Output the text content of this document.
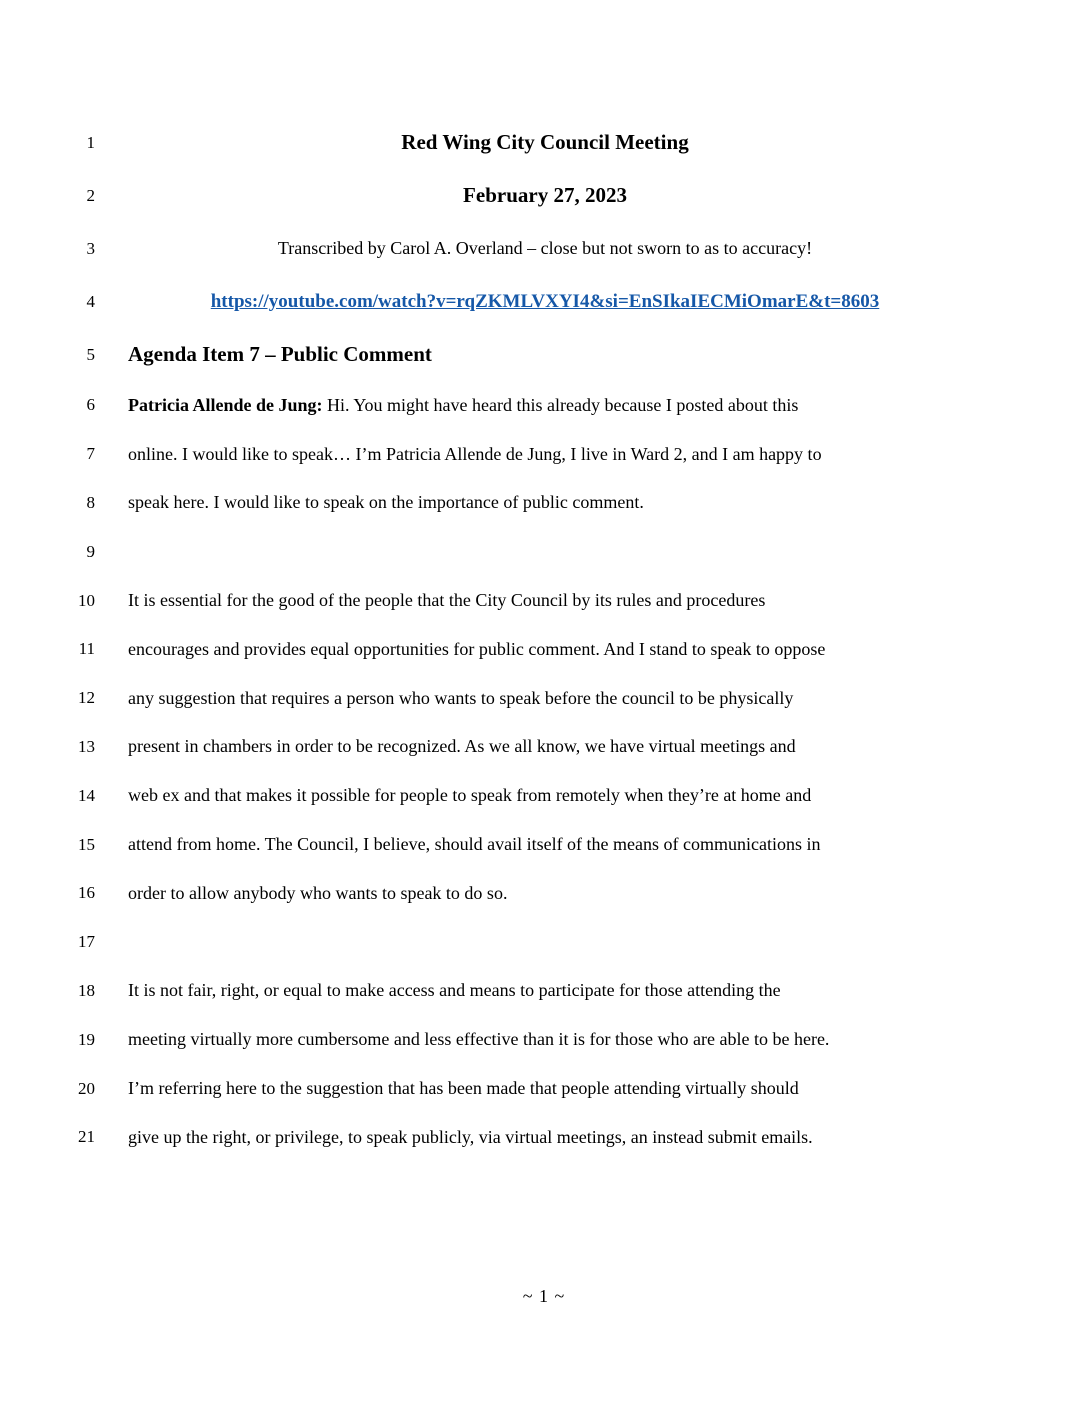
1	Red Wing City Council Meeting
2	February 27, 2023
3	Transcribed by Carol A. Overland – close but not sworn to as to accuracy!
4	https://youtube.com/watch?v=rqZKMLVXYI4&si=EnSIkaIECMiOmarE&t=8603
5 Agenda Item 7 – Public Comment
6 Patricia Allende de Jung: Hi. You might have heard this already because I posted about this
7 online. I would like to speak… I’m Patricia Allende de Jung, I live in Ward 2, and I am happy to
8 speak here. I would like to speak on the importance of public comment.
9
10 It is essential for the good of the people that the City Council by its rules and procedures
11 encourages and provides equal opportunities for public comment. And I stand to speak to oppose
12 any suggestion that requires a person who wants to speak before the council to be physically
13 present in chambers in order to be recognized. As we all know, we have virtual meetings and
14 web ex and that makes it possible for people to speak from remotely when they’re at home and
15 attend from home. The Council, I believe, should avail itself of the means of communications in
16 order to allow anybody who wants to speak to do so.
17
18 It is not fair, right, or equal to make access and means to participate for those attending the
19 meeting virtually more cumbersome and less effective than it is for those who are able to be here.
20 I’m referring here to the suggestion that has been made that people attending virtually should
21 give up the right, or privilege, to speak publicly, via virtual meetings, an instead submit emails.
~ 1 ~
